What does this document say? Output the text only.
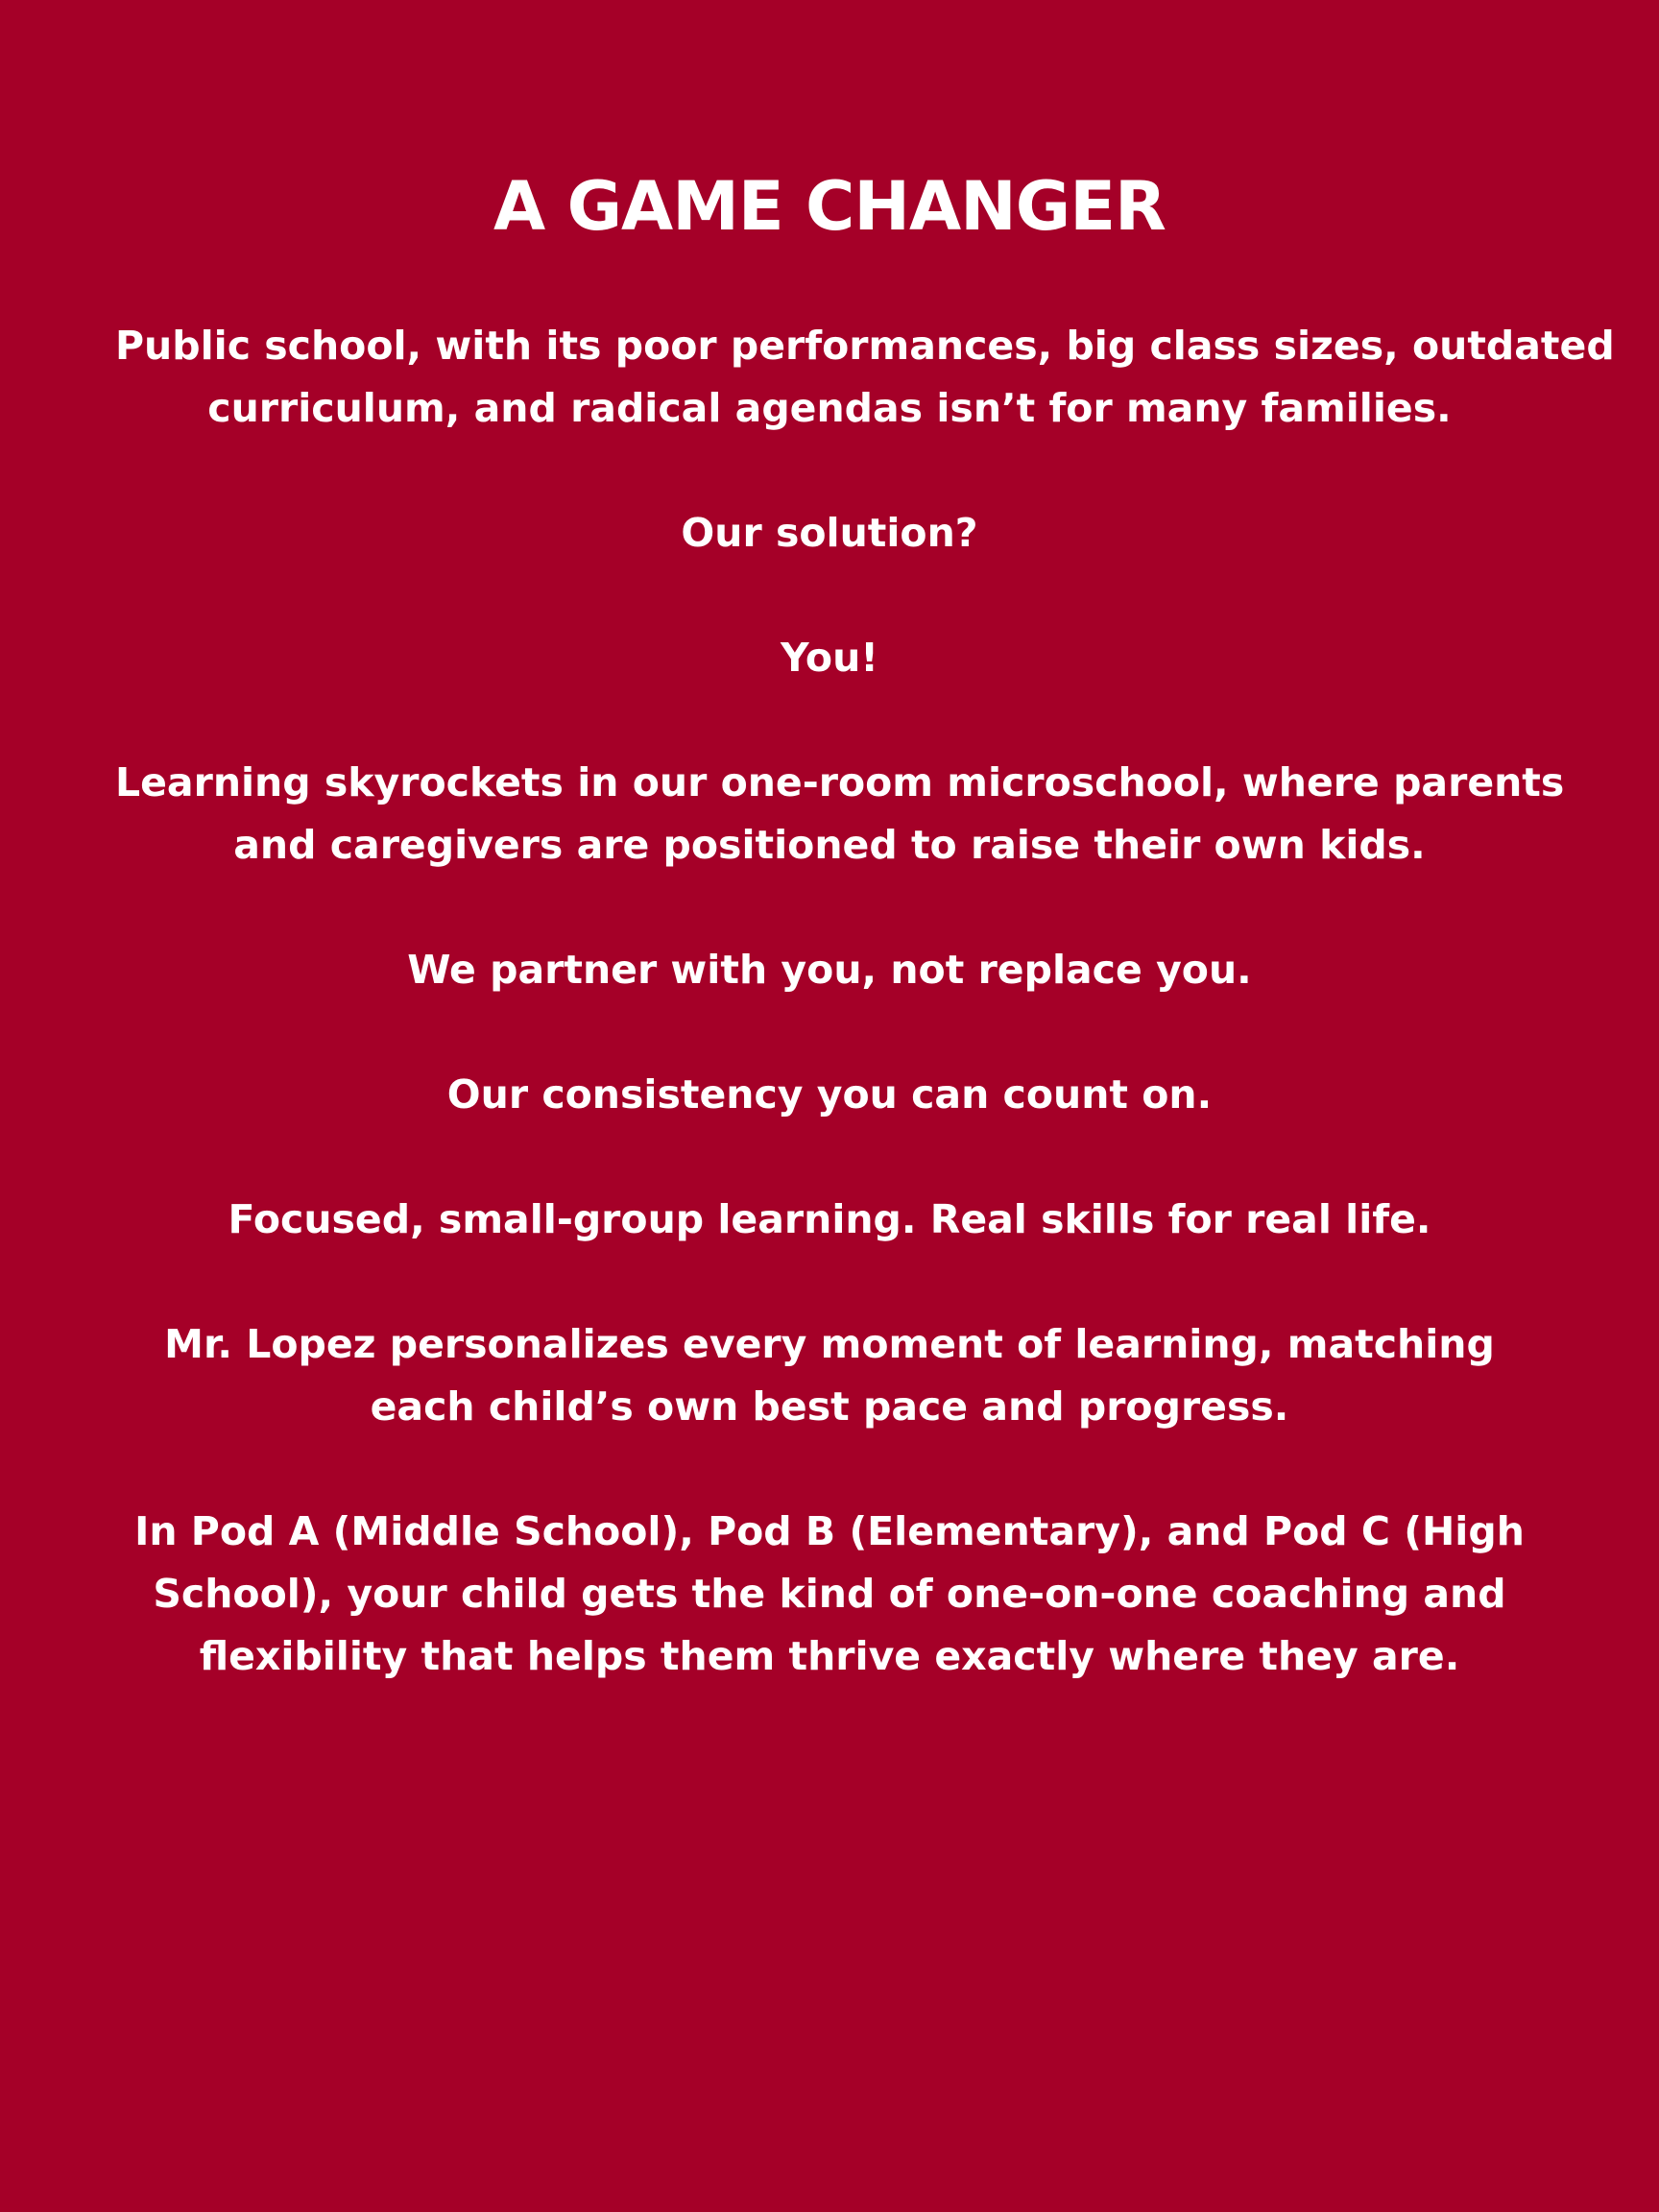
A GAME CHANGER

Public school, with its poor performances, big class sizes, outdated
curriculum, and radical agendas isn’t for many families.

Our solution?

You!

Learning skyrockets in our one-room microschool, where parents
and caregivers are positioned to raise their own kids.

We partner with you, not replace you.

Our consistency you can count on.

Focused, small-group learning. Real skills for real life.

Mr. Lopez personalizes every moment of learning, matching
each child’s own best pace and progress.

In Pod A (Middle School), Pod B (Elementary), and Pod C (High
School), your child gets the kind of one-on-one coaching and
flexibility that helps them thrive exactly where they are.
